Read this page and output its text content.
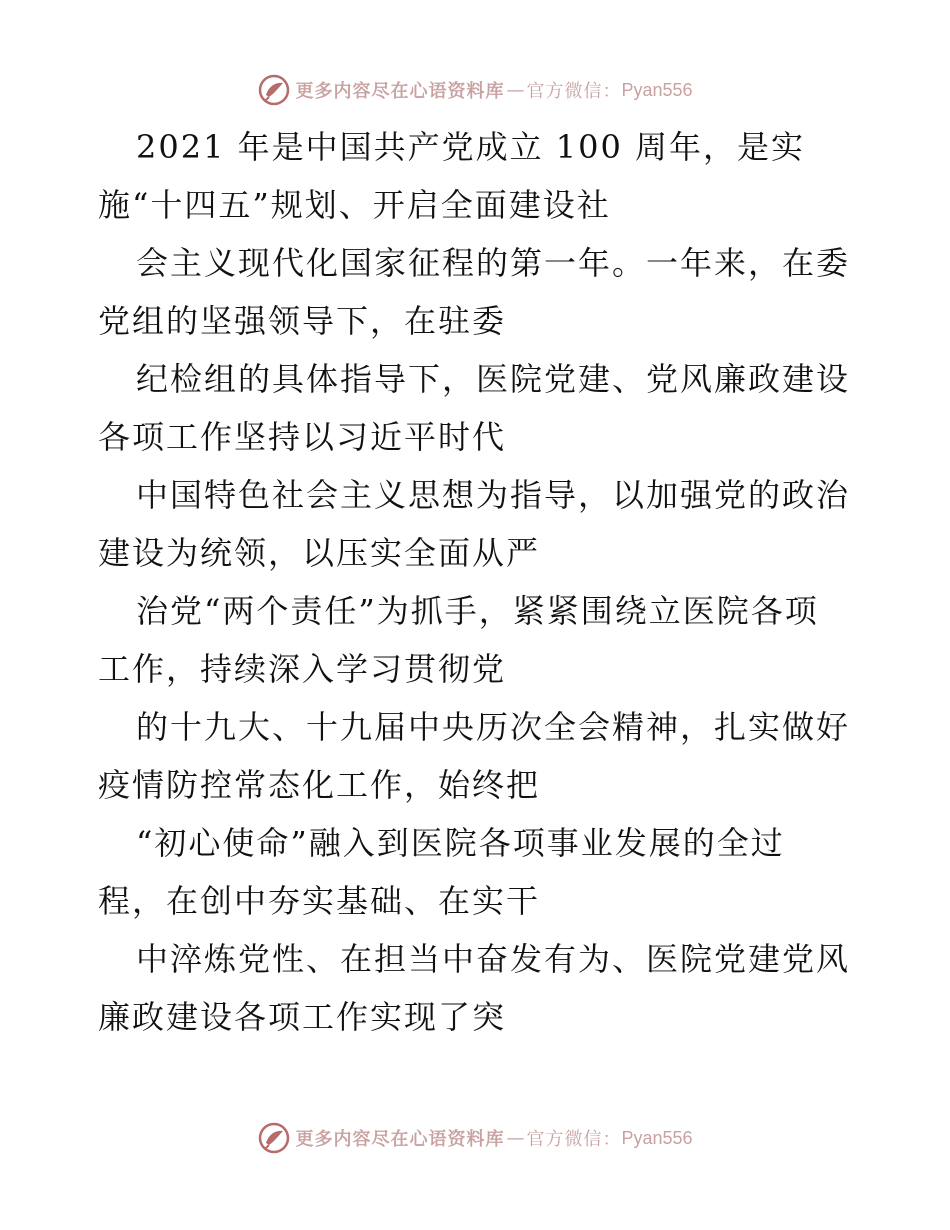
更多内容尽在心语资料库 — 官方微信： Pyan556
2021 年是中国共产党成立 100 周年，是实
施“十四五”规划、开启全面建设社
会主义现代化国家征程的第一年。一年来，在委
党组的坚强领导下，在驻委
纪检组的具体指导下，医院党建、党风廉政建设
各项工作坚持以习近平时代
中国特色社会主义思想为指导，以加强党的政治
建设为统领，以压实全面从严
治党“两个责任”为抓手，紧紧围绕立医院各项
工作，持续深入学习贯彻党
的十九大、十九届中央历次全会精神，扎实做好
疫情防控常态化工作，始终把
“初心使命”融入到医院各项事业发展的全过
程，在创中夯实基础、在实干
中淬炼党性、在担当中奋发有为、医院党建党风
廉政建设各项工作实现了突
更多内容尽在心语资料库 — 官方微信： Pyan556
